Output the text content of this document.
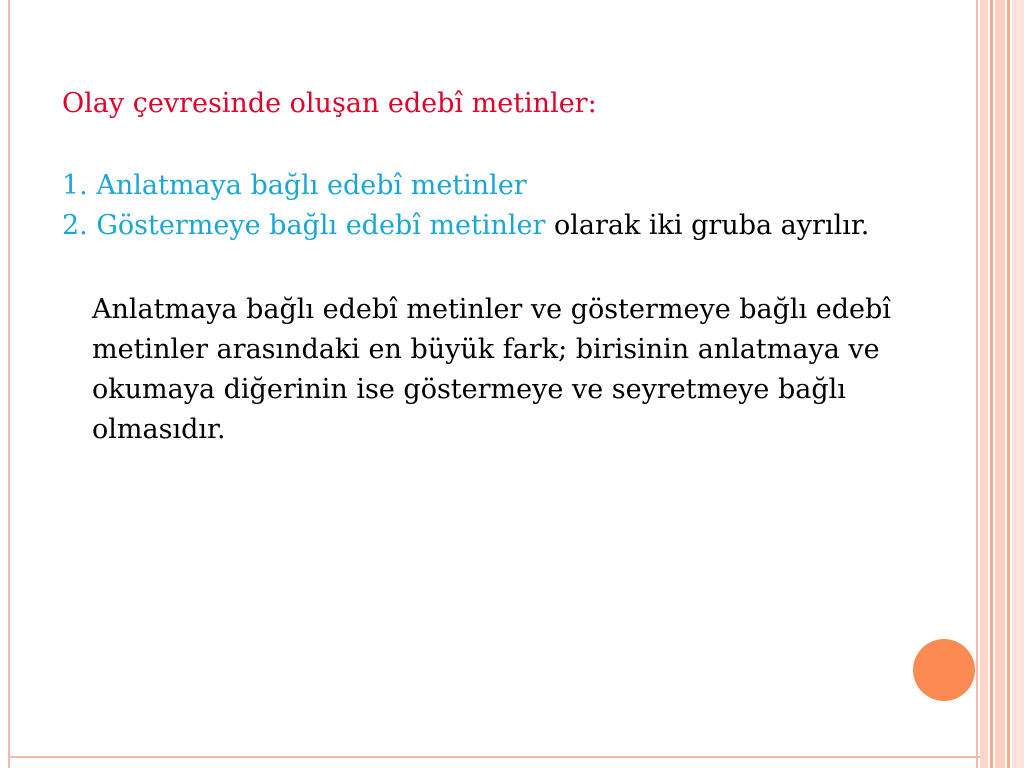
Olay çevresinde oluşan edebî metinler:

1. Anlatmaya bağlı edebî metinler

2. Göstermeye bağlı edebî metinler olarak iki gruba ayrılır.

Anlatmaya bağlı edebî metinler ve göstermeye bağlı edebî metinler arasındaki en büyük fark; birisinin anlatmaya ve okumaya diğerinin ise göstermeye ve seyretmeye bağlı olmasıdır.
